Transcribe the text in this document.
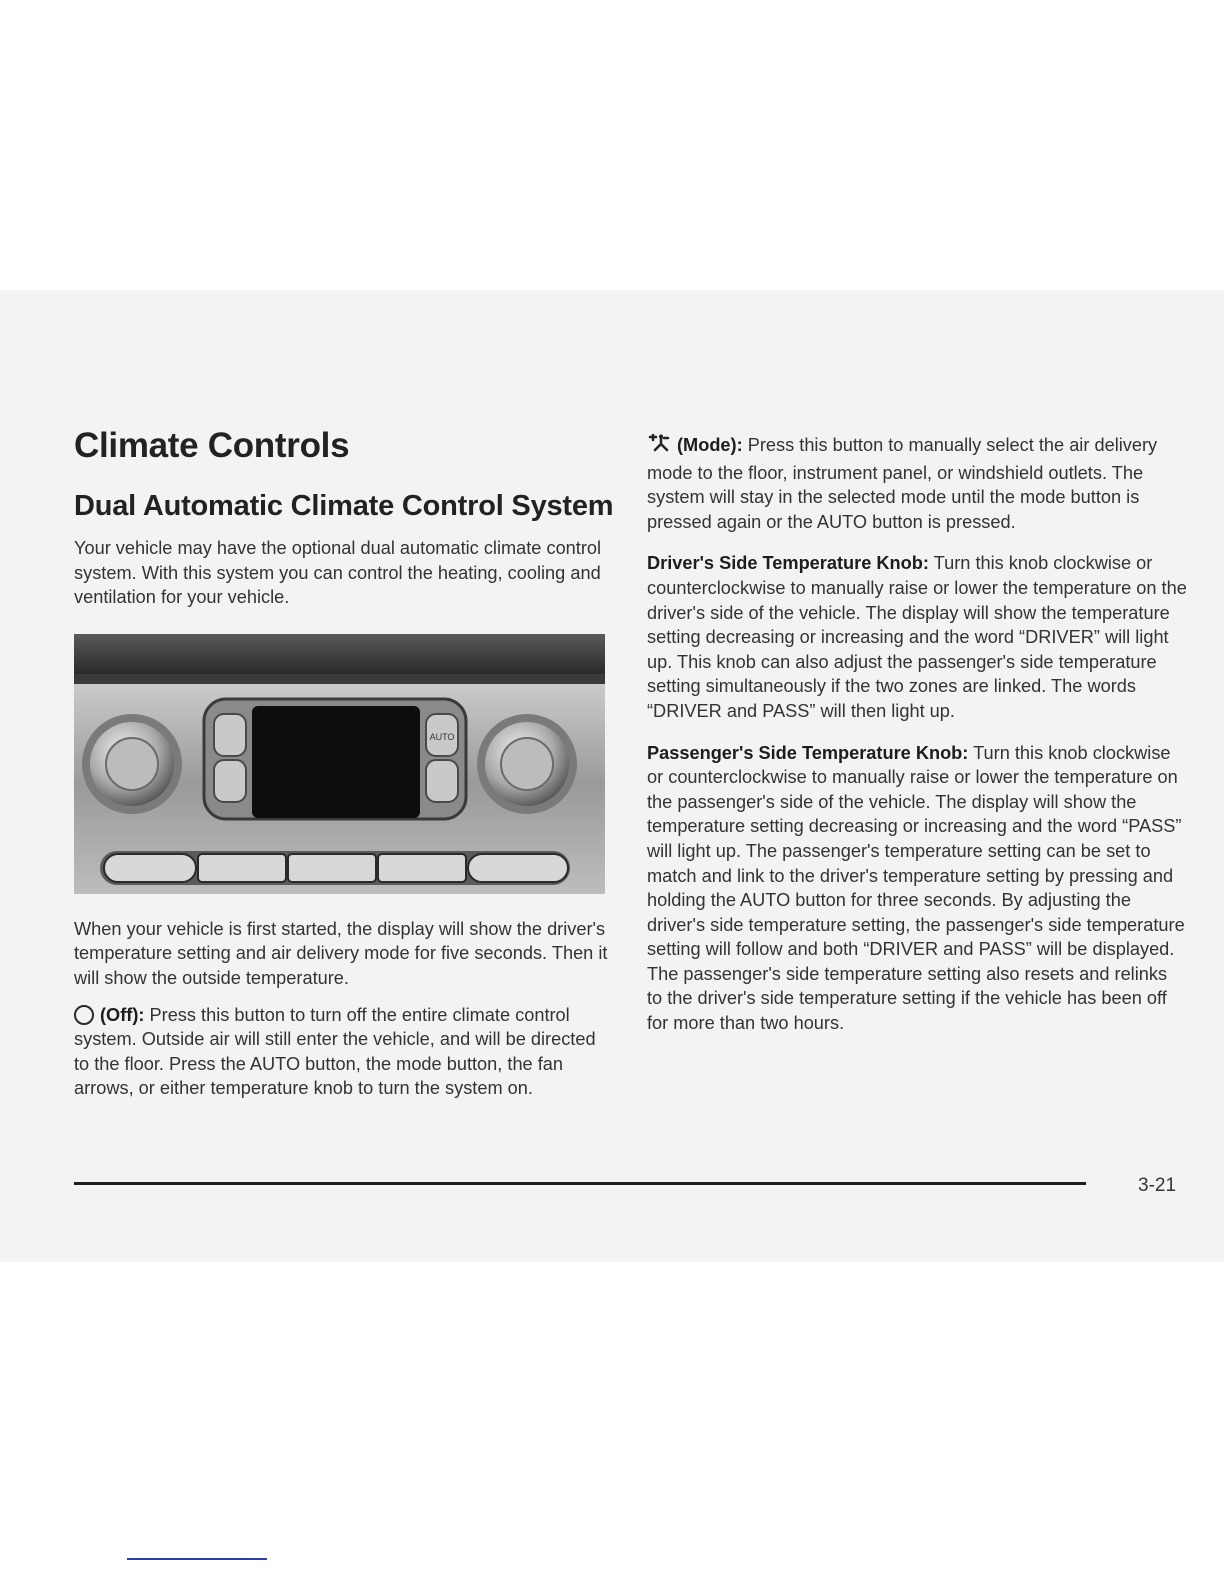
Climate Controls
Dual Automatic Climate Control System

Your vehicle may have the optional dual automatic climate control system. With this system you can control the heating, cooling and ventilation for your vehicle.

AUTO

When your vehicle is first started, the display will show the driver's temperature setting and air delivery mode for five seconds. Then it will show the outside temperature.

(Off): Press this button to turn off the entire climate control system. Outside air will still enter the vehicle, and will be directed to the floor. Press the AUTO button, the mode button, the fan arrows, or either temperature knob to turn the system on.

(Mode): Press this button to manually select the air delivery mode to the floor, instrument panel, or windshield outlets. The system will stay in the selected mode until the mode button is pressed again or the AUTO button is pressed.

Driver's Side Temperature Knob: Turn this knob clockwise or counterclockwise to manually raise or lower the temperature on the driver's side of the vehicle. The display will show the temperature setting decreasing or increasing and the word “DRIVER” will light up. This knob can also adjust the passenger's side temperature setting simultaneously if the two zones are linked. The words “DRIVER and PASS” will then light up.

Passenger's Side Temperature Knob: Turn this knob clockwise or counterclockwise to manually raise or lower the temperature on the passenger's side of the vehicle. The display will show the temperature setting decreasing or increasing and the word “PASS” will light up. The passenger's temperature setting can be set to match and link to the driver's temperature setting by pressing and holding the AUTO button for three seconds. By adjusting the driver's side temperature setting, the passenger's side temperature setting will follow and both “DRIVER and PASS” will be displayed. The passenger's side temperature setting also resets and relinks to the driver's side temperature setting if the vehicle has been off for more than two hours.

3-21
